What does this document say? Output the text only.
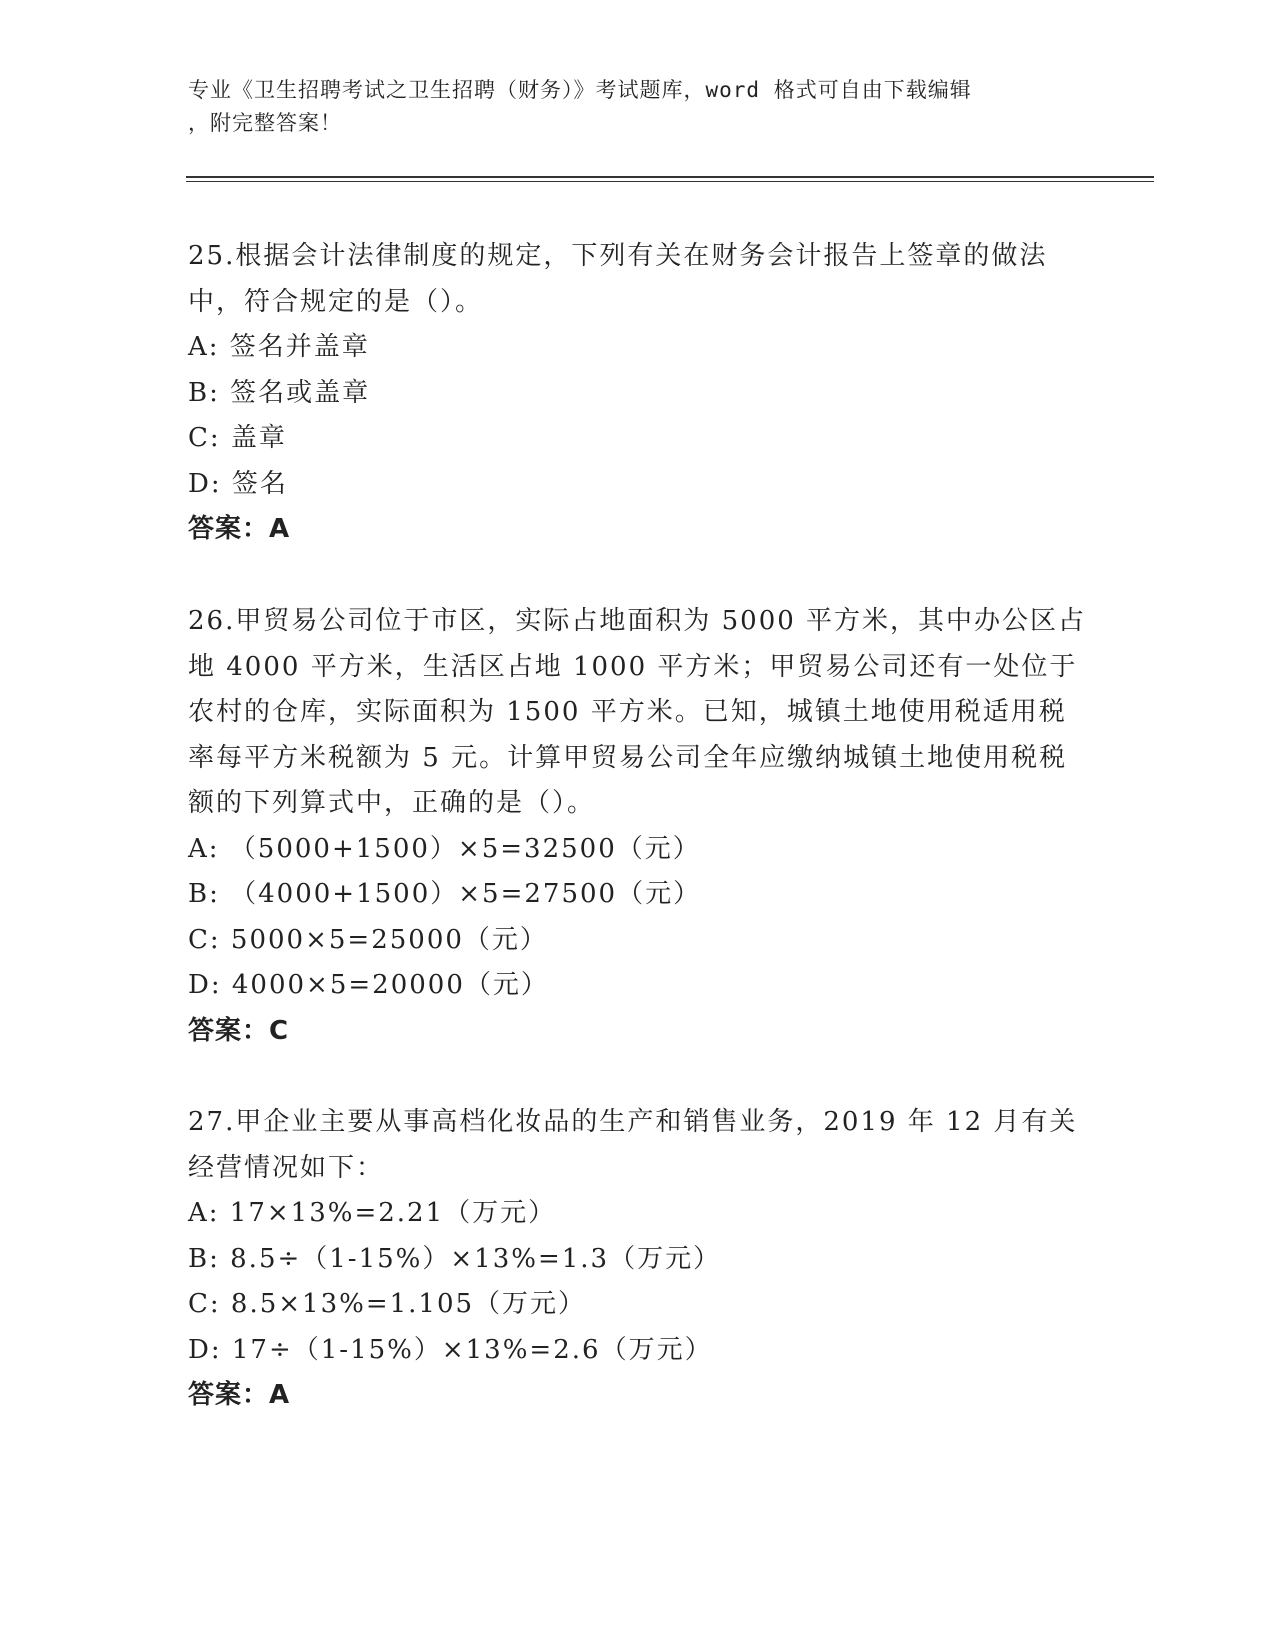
专业《卫生招聘考试之卫生招聘（财务）》考试题库，word 格式可自由下载编辑
，附完整答案！
25.根据会计法律制度的规定，下列有关在财务会计报告上签章的做法中，符合规定的是（）。
A: 签名并盖章
B: 签名或盖章
C: 盖章
D: 签名
答案：A
26.甲贸易公司位于市区，实际占地面积为 5000 平方米，其中办公区占地 4000 平方米，生活区占地 1000 平方米；甲贸易公司还有一处位于农村的仓库，实际面积为 1500 平方米。已知，城镇土地使用税适用税率每平方米税额为 5 元。计算甲贸易公司全年应缴纳城镇土地使用税税额的下列算式中，正确的是（）。
A: （5000+1500）×5=32500（元）
B: （4000+1500）×5=27500（元）
C: 5000×5=25000（元）
D: 4000×5=20000（元）
答案：C
27.甲企业主要从事高档化妆品的生产和销售业务，2019 年 12 月有关经营情况如下：
A: 17×13%=2.21（万元）
B: 8.5÷（1-15%）×13%=1.3（万元）
C: 8.5×13%=1.105（万元）
D: 17÷（1-15%）×13%=2.6（万元）
答案：A
